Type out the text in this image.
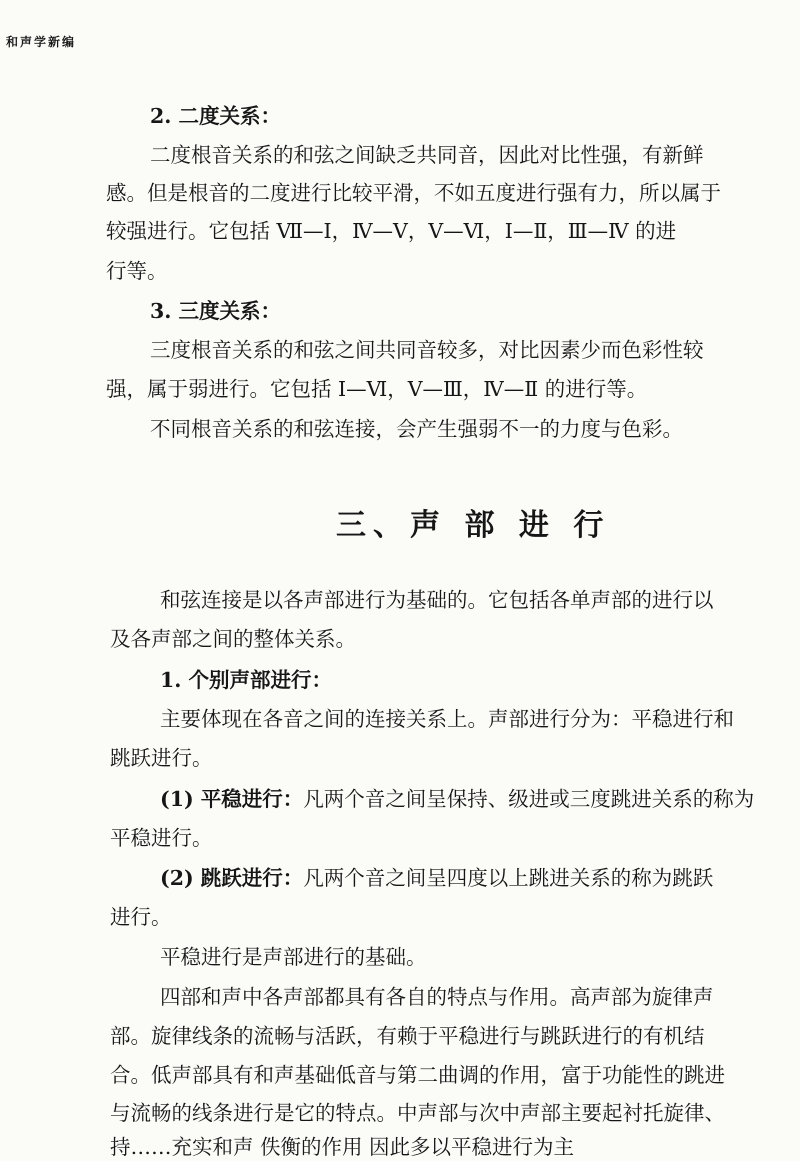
和声学新编
2. 二度关系：
二度根音关系的和弦之间缺乏共同音，因此对比性强，有新鲜
感。但是根音的二度进行比较平滑，不如五度进行强有力，所以属于
较强进行。它包括 Ⅶ—Ⅰ，Ⅳ—Ⅴ，Ⅴ—Ⅵ，Ⅰ—Ⅱ，Ⅲ—Ⅳ 的进
行等。
3. 三度关系：
三度根音关系的和弦之间共同音较多，对比因素少而色彩性较
强，属于弱进行。它包括 Ⅰ—Ⅵ，Ⅴ—Ⅲ，Ⅳ—Ⅱ 的进行等。
不同根音关系的和弦连接，会产生强弱不一的力度与色彩。
三、声 部 进 行
和弦连接是以各声部进行为基础的。它包括各单声部的进行以
及各声部之间的整体关系。
1. 个别声部进行：
主要体现在各音之间的连接关系上。声部进行分为：平稳进行和
跳跃进行。
(1) 平稳进行：凡两个音之间呈保持、级进或三度跳进关系的称为
平稳进行。
(2) 跳跃进行：凡两个音之间呈四度以上跳进关系的称为跳跃
进行。
平稳进行是声部进行的基础。
四部和声中各声部都具有各自的特点与作用。高声部为旋律声
部。旋律线条的流畅与活跃，有赖于平稳进行与跳跃进行的有机结
合。低声部具有和声基础低音与第二曲调的作用，富于功能性的跳进
与流畅的线条进行是它的特点。中声部与次中声部主要起衬托旋律、
持……充实和声 佚衡的作用 因此多以平稳进行为主
